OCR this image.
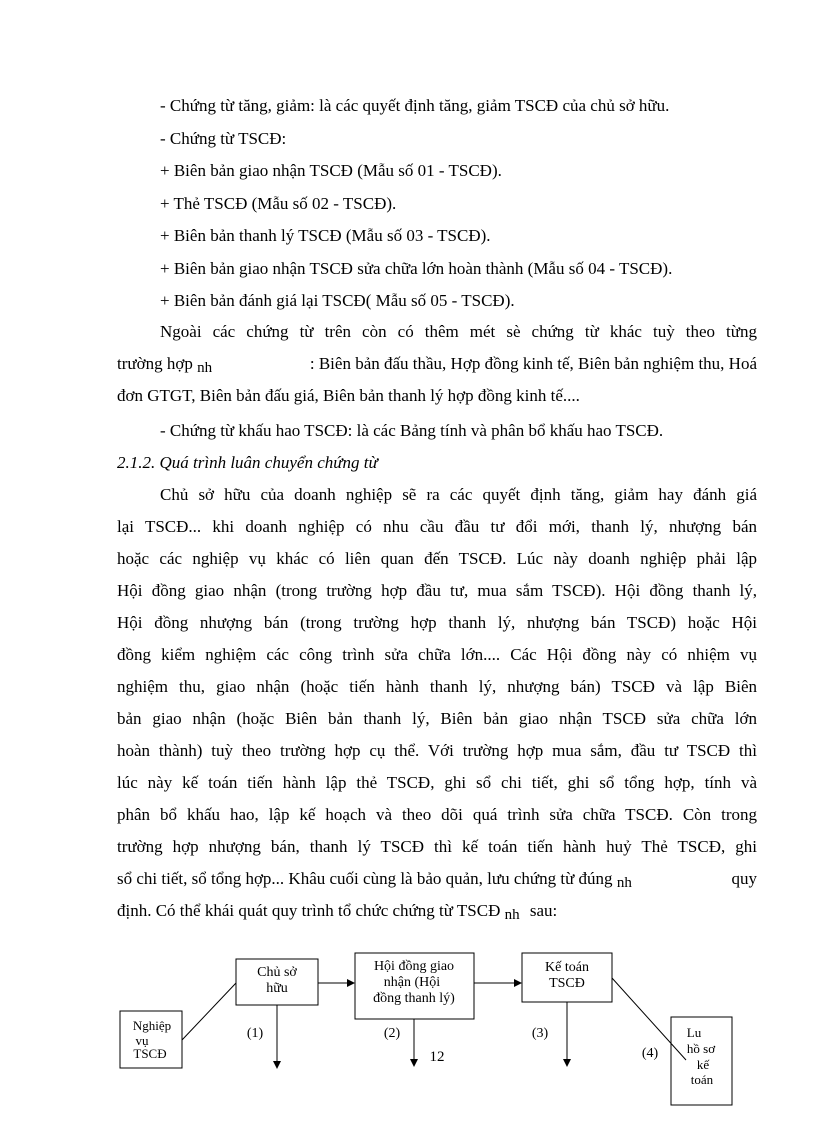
- Chứng từ tăng, giảm: là các quyết định tăng, giảm TSCĐ của chủ sở hữu.
- Chứng từ TSCĐ:
+ Biên bản giao nhận TSCĐ (Mẫu số 01 - TSCĐ).
+ Thẻ TSCĐ (Mẫu số 02 - TSCĐ).
+ Biên bản thanh lý TSCĐ (Mẫu số 03 - TSCĐ).
+ Biên bản giao nhận TSCĐ sửa chữa lớn hoàn thành (Mẫu số 04 - TSCĐ).
+ Biên bản đánh giá lại TSCĐ( Mẫu số 05 - TSCĐ).
Ngoài các chứng từ trên còn có thêm mét sè chứng từ khác tuỳ theo từng
trường hợp nh	: Biên bản đấu thầu, Hợp đồng kinh tế, Biên bản nghiệm thu, Hoá
đơn GTGT, Biên bản đấu giá, Biên bản thanh lý hợp đồng kinh tế....
- Chứng từ khấu hao TSCĐ: là các Bảng tính và phân bổ khấu hao TSCĐ.
2.1.2. Quá trình luân chuyển chứng từ
Chủ sở hữu của doanh nghiệp sẽ ra các quyết định tăng, giảm hay đánh giá
lại TSCĐ... khi doanh nghiệp có nhu cầu đầu tư đổi mới, thanh lý, nhượng bán
hoặc các nghiệp vụ khác có liên quan đến TSCĐ. Lúc này doanh nghiệp phải lập
Hội đồng giao nhận (trong trường hợp đầu tư, mua sắm TSCĐ). Hội đồng thanh lý,
Hội đồng nhượng bán (trong trường hợp thanh lý, nhượng bán TSCĐ) hoặc Hội
đồng kiểm nghiệm các công trình sửa chữa lớn.... Các Hội đồng này có nhiệm vụ
nghiệm thu, giao nhận (hoặc tiến hành thanh lý, nhượng bán) TSCĐ và lập Biên
bản giao nhận (hoặc Biên bản thanh lý, Biên bản giao nhận TSCĐ sửa chữa lớn
hoàn thành) tuỳ theo trường hợp cụ thể. Với trường hợp mua sắm, đầu tư TSCĐ thì
lúc này kế toán tiến hành lập thẻ TSCĐ, ghi sổ chi tiết, ghi sổ tổng hợp, tính và
phân bổ khấu hao, lập kế hoạch và theo dõi quá trình sửa chữa TSCĐ. Còn trong
trường hợp nhượng bán, thanh lý TSCĐ thì kế toán tiến hành huỷ Thẻ TSCĐ, ghi
sổ chi tiết, sổ tổng hợp... Khâu cuối cùng là bảo quản, lưu chứng từ đúng nh	quy
định. Có thể khái quát quy trình tổ chức chứng từ TSCĐ nh sau:
Nghiệp
vụ
TSCĐ
Chủ sở
hữu
Hội đồng giao
nhận (Hội
đồng thanh lý)
Kế toán
TSCĐ
Lu
hồ sơ
kế
toán
(1)	(2)	(3)
(4)
12
